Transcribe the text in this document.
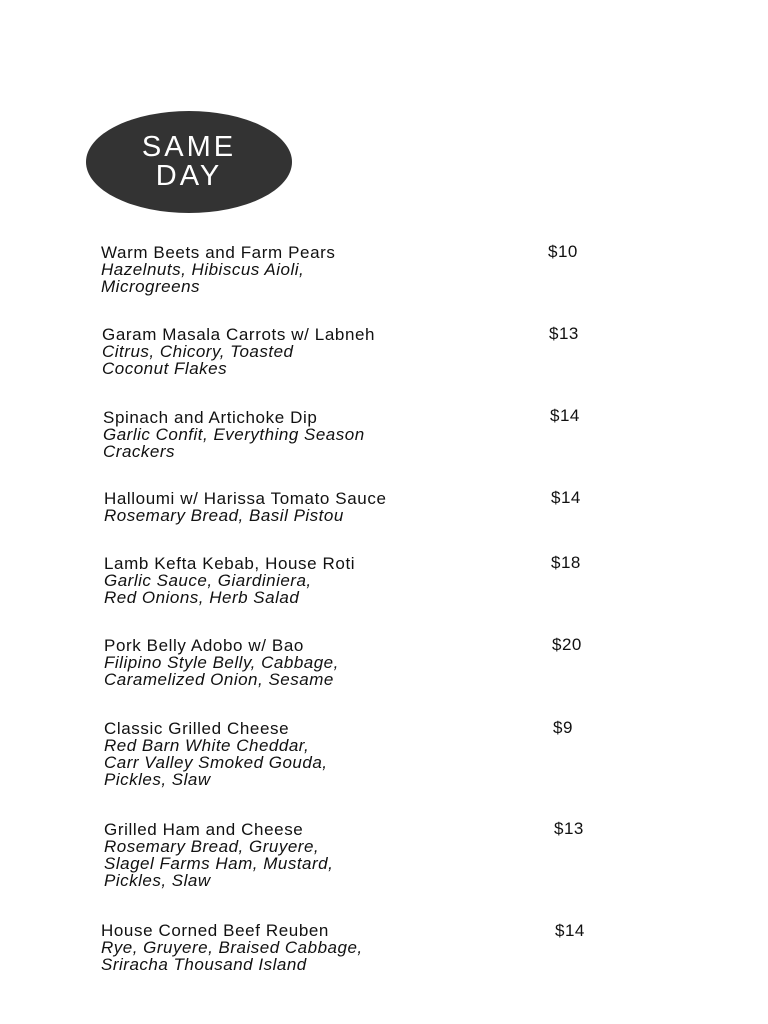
SAME
DAY
Warm Beets and Farm Pears
Hazelnuts, Hibiscus Aioli,
Microgreens
$10
Garam Masala Carrots w/ Labneh
Citrus, Chicory, Toasted
Coconut Flakes
$13
Spinach and Artichoke Dip
Garlic Confit, Everything Season
Crackers
$14
Halloumi w/ Harissa Tomato Sauce
Rosemary Bread, Basil Pistou
$14
Lamb Kefta Kebab, House Roti
Garlic Sauce, Giardiniera,
Red Onions, Herb Salad
$18
Pork Belly Adobo w/ Bao
Filipino Style Belly, Cabbage,
Caramelized Onion, Sesame
$20
Classic Grilled Cheese
Red Barn White Cheddar,
Carr Valley Smoked Gouda,
Pickles, Slaw
$9
Grilled Ham and Cheese
Rosemary Bread, Gruyere,
Slagel Farms Ham, Mustard,
Pickles, Slaw
$13
House Corned Beef Reuben
Rye, Gruyere, Braised Cabbage,
Sriracha Thousand Island
$14
